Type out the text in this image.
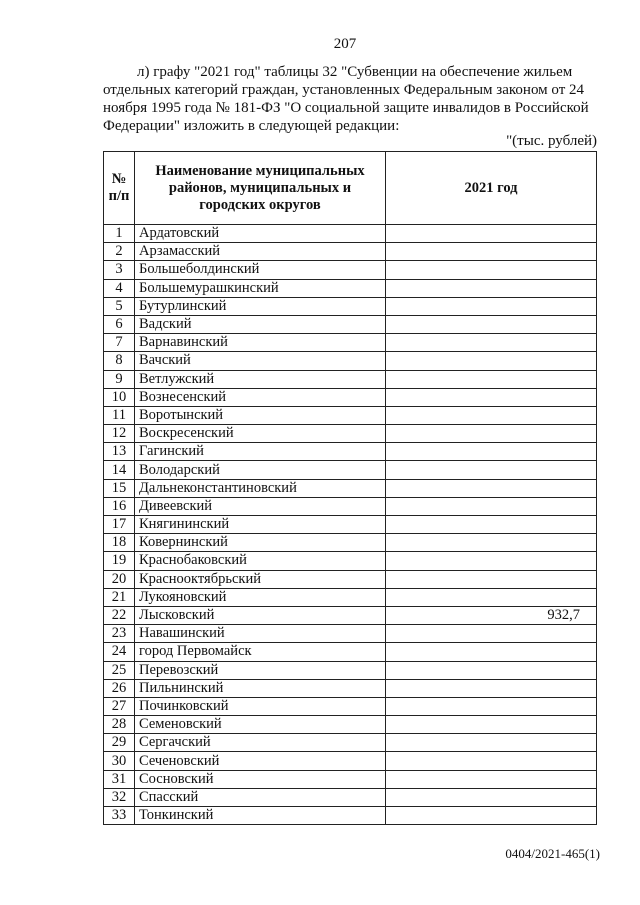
207
л) графу "2021 год" таблицы 32 "Субвенции на обеспечение жильем
отдельных категорий граждан, установленных Федеральным законом от 24
ноября 1995 года № 181-ФЗ "О социальной защите инвалидов в Российской
Федерации" изложить в следующей редакции:
"(тыс. рублей)
№ п/п	Наименование муниципальных районов, муниципальных и городских округов	2021 год
1	Ардатовский	
2	Арзамасский	
3	Большеболдинский	
4	Большемурашкинский	
5	Бутурлинский	
6	Вадский	
7	Варнавинский	
8	Вачский	
9	Ветлужский	
10	Вознесенский	
11	Воротынский	
12	Воскресенский	
13	Гагинский	
14	Володарский	
15	Дальнеконстантиновский	
16	Дивеевский	
17	Княгининский	
18	Ковернинский	
19	Краснобаковский	
20	Краснооктябрьский	
21	Лукояновский	
22	Лысковский	932,7
23	Навашинский	
24	город Первомайск	
25	Перевозский	
26	Пильнинский	
27	Починковский	
28	Семеновский	
29	Сергачский	
30	Сеченовский	
31	Сосновский	
32	Спасский	
33	Тонкинский	
0404/2021-465(1)
